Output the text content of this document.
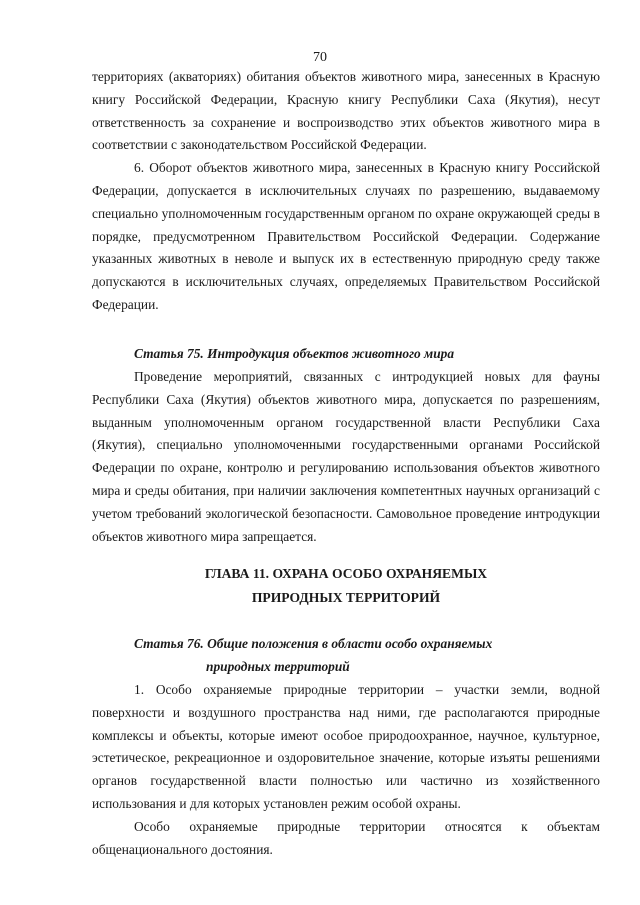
70

территориях (акваториях) обитания объектов животного мира, занесенных в Красную книгу Российской Федерации, Красную книгу Республики Саха (Якутия), несут ответственность за сохранение и воспроизводство этих объектов животного мира в соответствии с законодательством Российской Федерации.

6. Оборот объектов животного мира, занесенных в Красную книгу Российской Федерации, допускается в исключительных случаях по разрешению, выдаваемому специально уполномоченным государственным органом по охране окружающей среды в порядке, предусмотренном Правительством Российской Федерации. Содержание указанных животных в неволе и выпуск их в естественную природную среду также допускаются в исключительных случаях, определяемых Правительством Российской Федерации.

Статья 75. Интродукция объектов животного мира

Проведение мероприятий, связанных с интродукцией новых для фауны Республики Саха (Якутия) объектов животного мира, допускается по разрешениям, выданным уполномоченным органом государственной власти Республики Саха (Якутия), специально уполномоченными государственными органами Российской Федерации по охране, контролю и регулированию использования объектов животного мира и среды обитания, при наличии заключения компетентных научных организаций с учетом требований экологической безопасности. Самовольное проведение интродукции объектов животного мира запрещается.

ГЛАВА 11. ОХРАНА ОСОБО ОХРАНЯЕМЫХ
ПРИРОДНЫХ ТЕРРИТОРИЙ
Статья 76. Общие положения в области особо охраняемых
природных территорий

1. Особо охраняемые природные территории – участки земли, водной поверхности и воздушного пространства над ними, где располагаются природные комплексы и объекты, которые имеют особое природоохранное, научное, культурное, эстетическое, рекреационное и оздоровительное значение, которые изъяты решениями органов государственной власти полностью или частично из хозяйственного использования и для которых установлен режим особой охраны.

Особо охраняемые природные территории относятся к объектам общенационального достояния.
